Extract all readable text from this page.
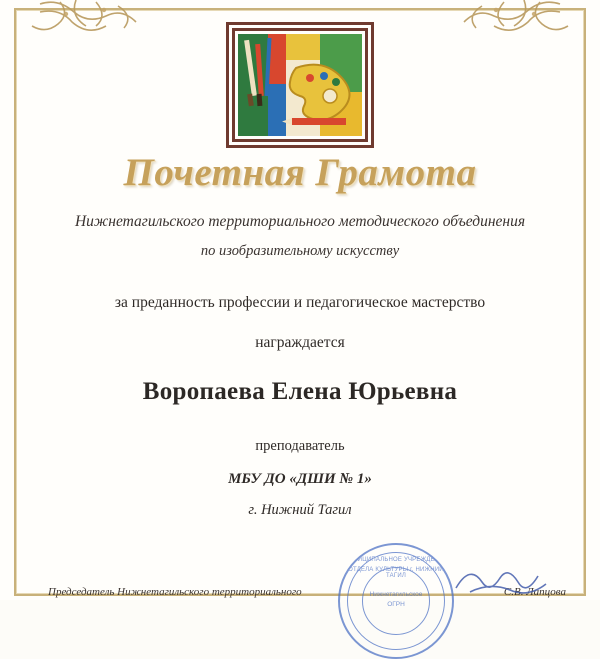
Почетная Грамота

Нижнетагильского территориального методического объединения

по изобразительному искусству

за преданность профессии и педагогическое мастерство

награждается

Воропаева Елена Юрьевна

преподаватель

МБУ ДО «ДШИ № 1»

г. Нижний Тагил

Председатель Нижнетагильского территориального	С.В. Лапцова
МУНИЦИПАЛЬНОЕ УЧРЕЖДЕНИЕ
ОТДЕЛА КУЛЬТУРЫ г. НИЖНИЙ ТАГИЛ
Нижнетагильское
ОГРН
